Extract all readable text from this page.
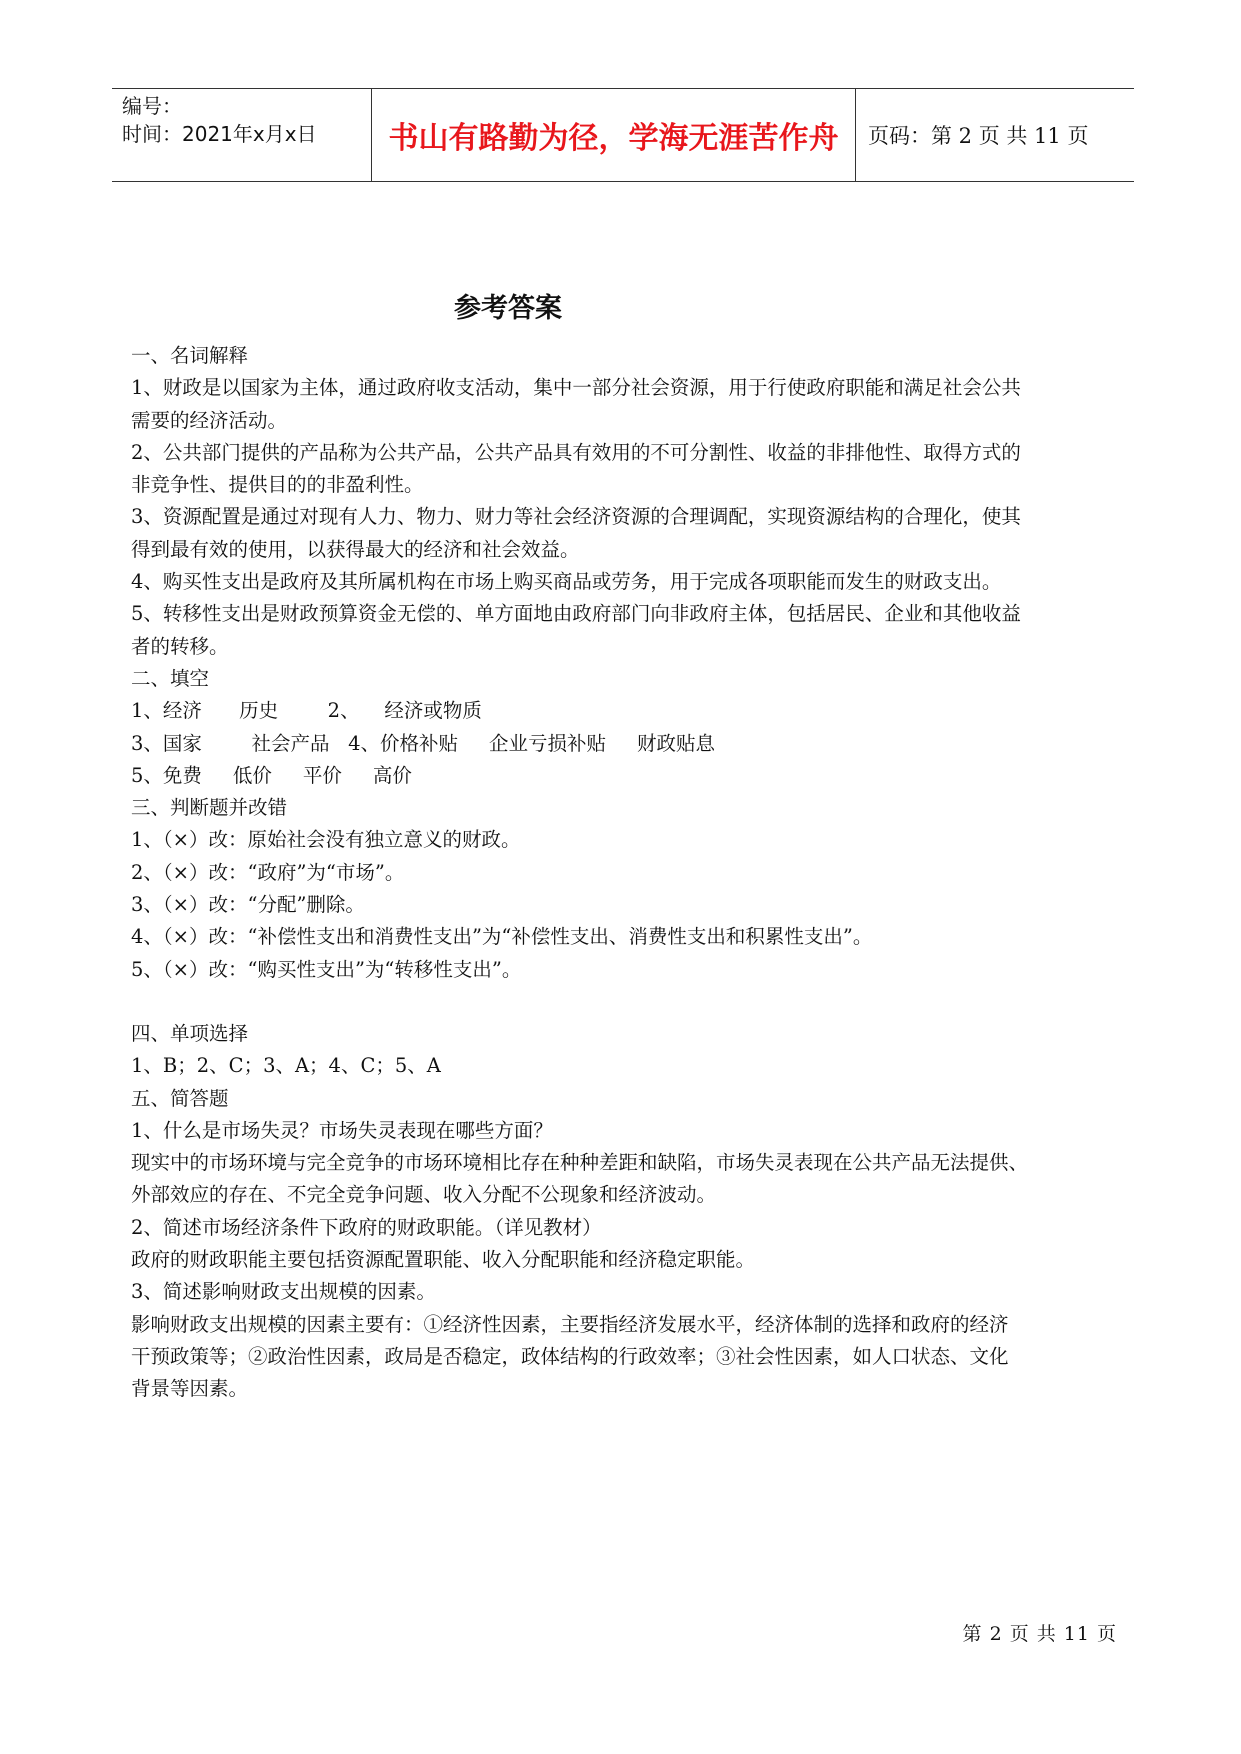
编号：
时间：2021年x月x日	书山有路勤为径，学海无涯苦作舟	页码：第 2 页 共 11 页
参考答案

一、名词解释

1、财政是以国家为主体，通过政府收支活动，集中一部分社会资源，用于行使政府职能和满足社会公共

需要的经济活动。

2、公共部门提供的产品称为公共产品，公共产品具有效用的不可分割性、收益的非排他性、取得方式的

非竞争性、提供目的的非盈利性。

3、资源配置是通过对现有人力、物力、财力等社会经济资源的合理调配，实现资源结构的合理化，使其

得到最有效的使用，以获得最大的经济和社会效益。

4、购买性支出是政府及其所属机构在市场上购买商品或劳务，用于完成各项职能而发生的财政支出。

5、转移性支出是财政预算资金无偿的、单方面地由政府部门向非政府主体，包括居民、企业和其他收益

者的转移。

二、填空

1、经济      历史        2、    经济或物质

3、国家        社会产品   4、价格补贴     企业亏损补贴     财政贴息

5、免费     低价     平价     高价

三、判断题并改错

1、（×）改：原始社会没有独立意义的财政。

2、（×）改：“政府”为“市场”。

3、（×）改：“分配”删除。

4、（×）改：“补偿性支出和消费性支出”为“补偿性支出、消费性支出和积累性支出”。

5、（×）改：“购买性支出”为“转移性支出”。

四、单项选择

1、B；2、C；3、A；4、C；5、A

五、简答题

1、什么是市场失灵？市场失灵表现在哪些方面？

现实中的市场环境与完全竞争的市场环境相比存在种种差距和缺陷，市场失灵表现在公共产品无法提供、

外部效应的存在、不完全竞争问题、收入分配不公现象和经济波动。

2、简述市场经济条件下政府的财政职能。（详见教材）

政府的财政职能主要包括资源配置职能、收入分配职能和经济稳定职能。

3、简述影响财政支出规模的因素。

影响财政支出规模的因素主要有：①经济性因素，主要指经济发展水平，经济体制的选择和政府的经济

干预政策等；②政治性因素，政局是否稳定，政体结构的行政效率；③社会性因素，如人口状态、文化

背景等因素。

第 2 页 共 11 页
